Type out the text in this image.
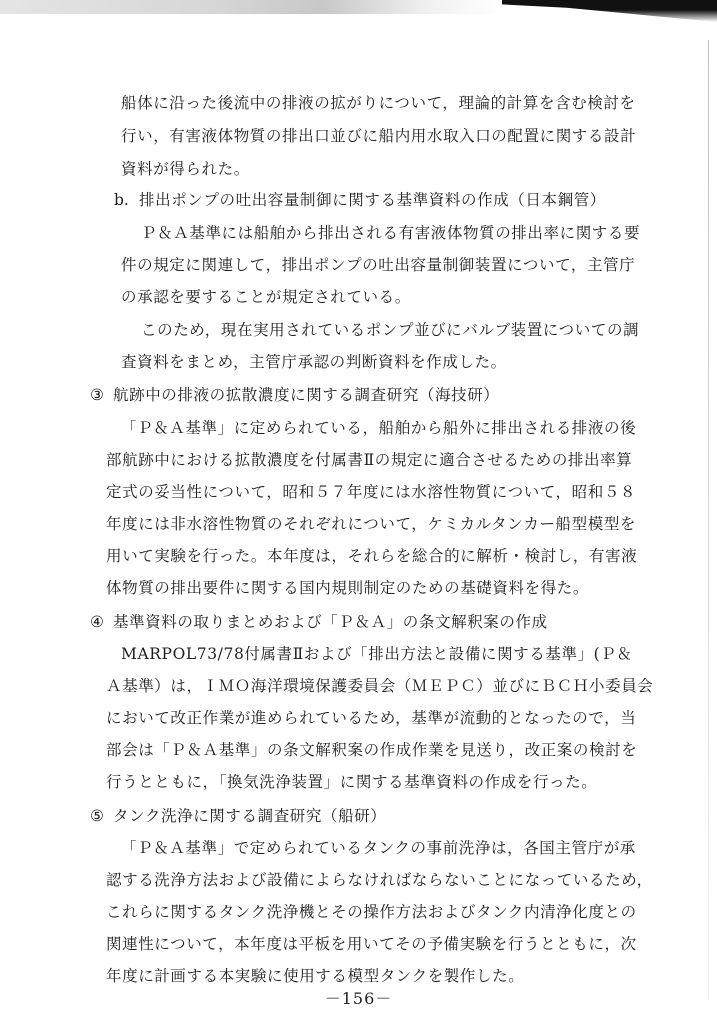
船体に沿った後流中の排液の拡がりについて，理論的計算を含む検討を
行い，有害液体物質の排出口並びに船内用水取入口の配置に関する設計
資料が得られた。
b. 排出ポンプの吐出容量制御に関する基準資料の作成（日本鋼管）
Ｐ＆Ａ基準には船舶から排出される有害液体物質の排出率に関する要
件の規定に関連して，排出ポンプの吐出容量制御装置について，主管庁
の承認を要することが規定されている。
このため，現在実用されているポンプ並びにバルブ装置についての調
査資料をまとめ，主管庁承認の判断資料を作成した。
③ 航跡中の排液の拡散濃度に関する調査研究（海技研）
「Ｐ＆Ａ基準」に定められている，船舶から船外に排出される排液の後
部航跡中における拡散濃度を付属書Ⅱの規定に適合させるための排出率算
定式の妥当性について，昭和５７年度には水溶性物質について，昭和５８
年度には非水溶性物質のそれぞれについて，ケミカルタンカー船型模型を
用いて実験を行った。本年度は，それらを総合的に解析・検討し，有害液
体物質の排出要件に関する国内規則制定のための基礎資料を得た。
④ 基準資料の取りまとめおよび「Ｐ＆Ａ」の条文解釈案の作成
MARPOL73/78付属書Ⅱおよび「排出方法と設備に関する基準」(Ｐ＆
Ａ基準）は，ＩＭＯ海洋環境保護委員会（ＭＥＰＣ）並びにＢＣＨ小委員会
において改正作業が進められているため，基準が流動的となったので，当
部会は「Ｐ＆Ａ基準」の条文解釈案の作成作業を見送り，改正案の検討を
行うとともに，「換気洗浄装置」に関する基準資料の作成を行った。
⑤ タンク洗浄に関する調査研究（船研）
「Ｐ＆Ａ基準」で定められているタンクの事前洗浄は，各国主管庁が承
認する洗浄方法および設備によらなければならないことになっているため，
これらに関するタンク洗浄機とその操作方法およびタンク内清浄化度との
関連性について，本年度は平板を用いてその予備実験を行うとともに，次
年度に計画する本実験に使用する模型タンクを製作した。
－156－
